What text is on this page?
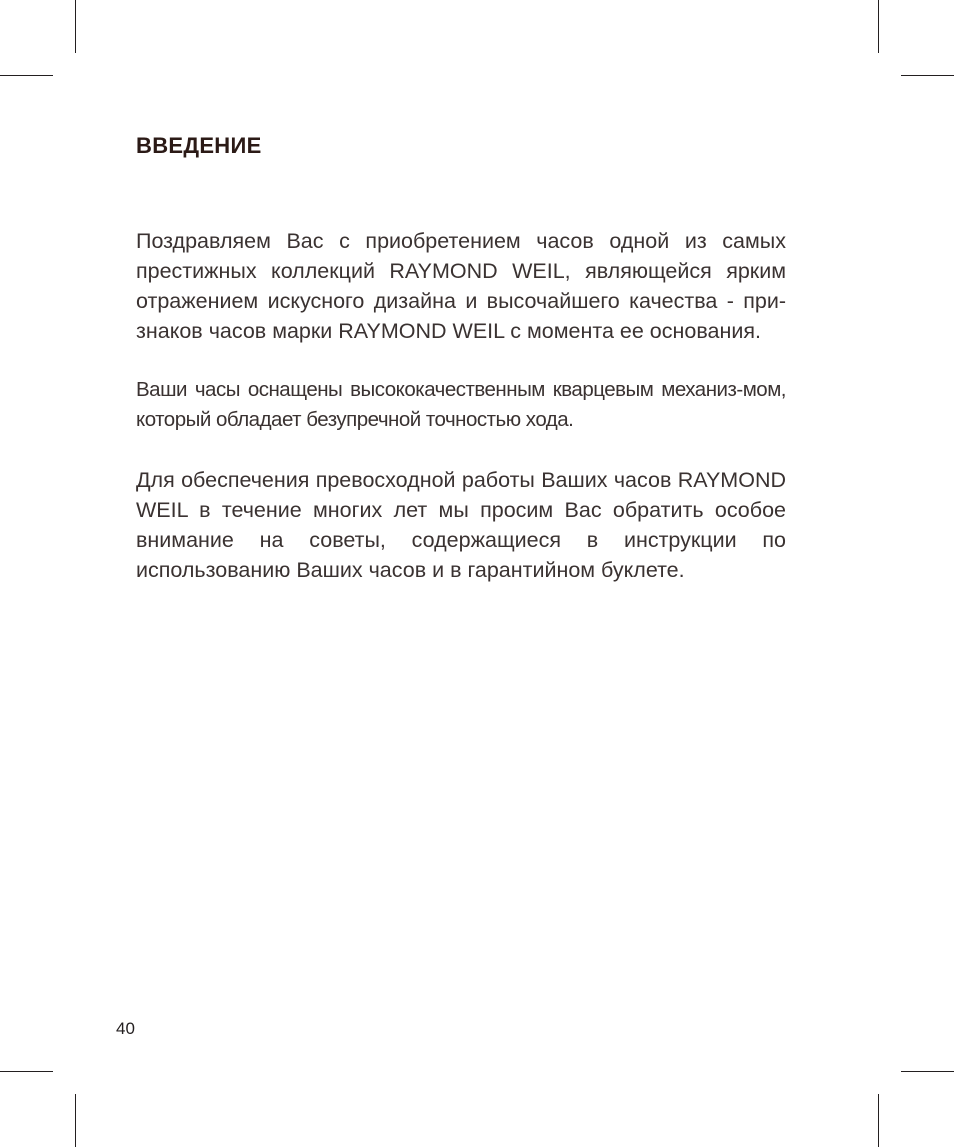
ВВЕДЕНИЕ

Поздравляем Вас с приобретением часов одной из самых престижных коллекций RAYMOND WEIL, являющейся ярким отражением искусного дизайна и высочайшего качества - при-знаков часов марки RAYMOND WEIL с момента ее основания.

Ваши часы оснащены высококачественным кварцевым механиз-мом, который обладает безупречной точностью хода.

Для обеспечения превосходной работы Ваших часов RAYMOND WEIL в течение многих лет мы просим Вас обратить особое внимание на советы, содержащиеся в инструкции по использованию Ваших часов и в гарантийном буклете.

40
